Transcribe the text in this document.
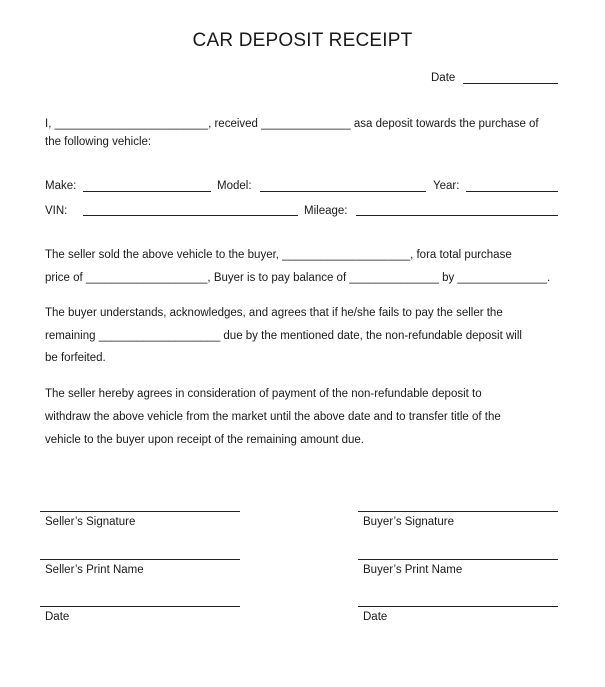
CAR DEPOSIT RECEIPT
Date
I, ________________________, received ______________ asa deposit towards the purchase of
the following vehicle:
Make:	Model:	Year:
VIN:	Mileage:
The seller sold the above vehicle to the buyer, ____________________, fora total purchase
price of ___________________, Buyer is to pay balance of ______________ by ______________.
The buyer understands, acknowledges, and agrees that if he/she fails to pay the seller the
remaining ___________________ due by the mentioned date, the non-refundable deposit will
be forfeited.
The seller hereby agrees in consideration of payment of the non-refundable deposit to
withdraw the above vehicle from the market until the above date and to transfer title of the
vehicle to the buyer upon receipt of the remaining amount due.
Seller’s Signature
Seller’s Print Name
Date
Buyer’s Signature
Buyer’s Print Name
Date
